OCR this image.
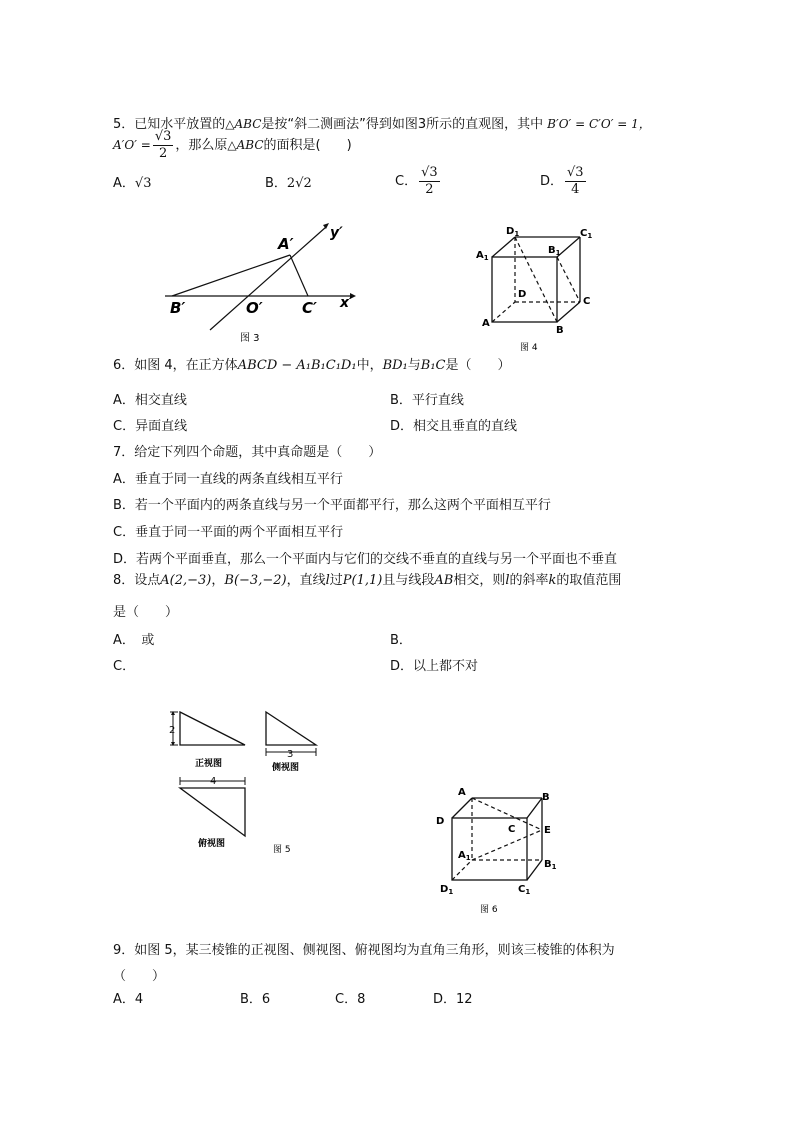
5．已知水平放置的△ABC是按“斜二测画法”得到如图3所示的直观图，其中 B′O′ = C′O′ = 1，
$A'O' = \frac{√3}{2}$ ，那么原△ABC的面积是(　　)
A．√3	B．2√2	C． $\frac{√3}{2}$	D． $\frac{√3}{4}$
A′
B′	O′	C′ x′
y′
图 3
$D_1$	$C_1$
$A_1$
$B_1$
D
C
A
B
图 4
6．如图 4，在正方体ABCD − A₁B₁C₁D₁中，BD₁与B₁C是（　　）
A．相交直线	B．平行直线
C．异面直线	D．相交且垂直的直线
7．给定下列四个命题，其中真命题是（　　）
A．垂直于同一直线的两条直线相互平行
B．若一个平面内的两条直线与另一个平面都平行，那么这两个平面相互平行
C．垂直于同一平面的两个平面相互平行
D．若两个平面垂直，那么一个平面内与它们的交线不垂直的直线与另一个平面也不垂直
8．设点A(2,−3)，B(−3,−2)，直线l过P(1,1)且与线段AB相交，则l的斜率k的取值范围
是（　　）
A．　或	B．
C．	D．以上都不对
2
正视图
3
侧视图
4
俯视图
图 5
A	B
C
D
E
$A_1$
$B_1$
$C_1$
$D_1$
图 6
9．如图 5，某三棱锥的正视图、侧视图、俯视图均为直角三角形，则该三棱锥的体积为
（　　）
A．4	B．6	C．8	D．12
